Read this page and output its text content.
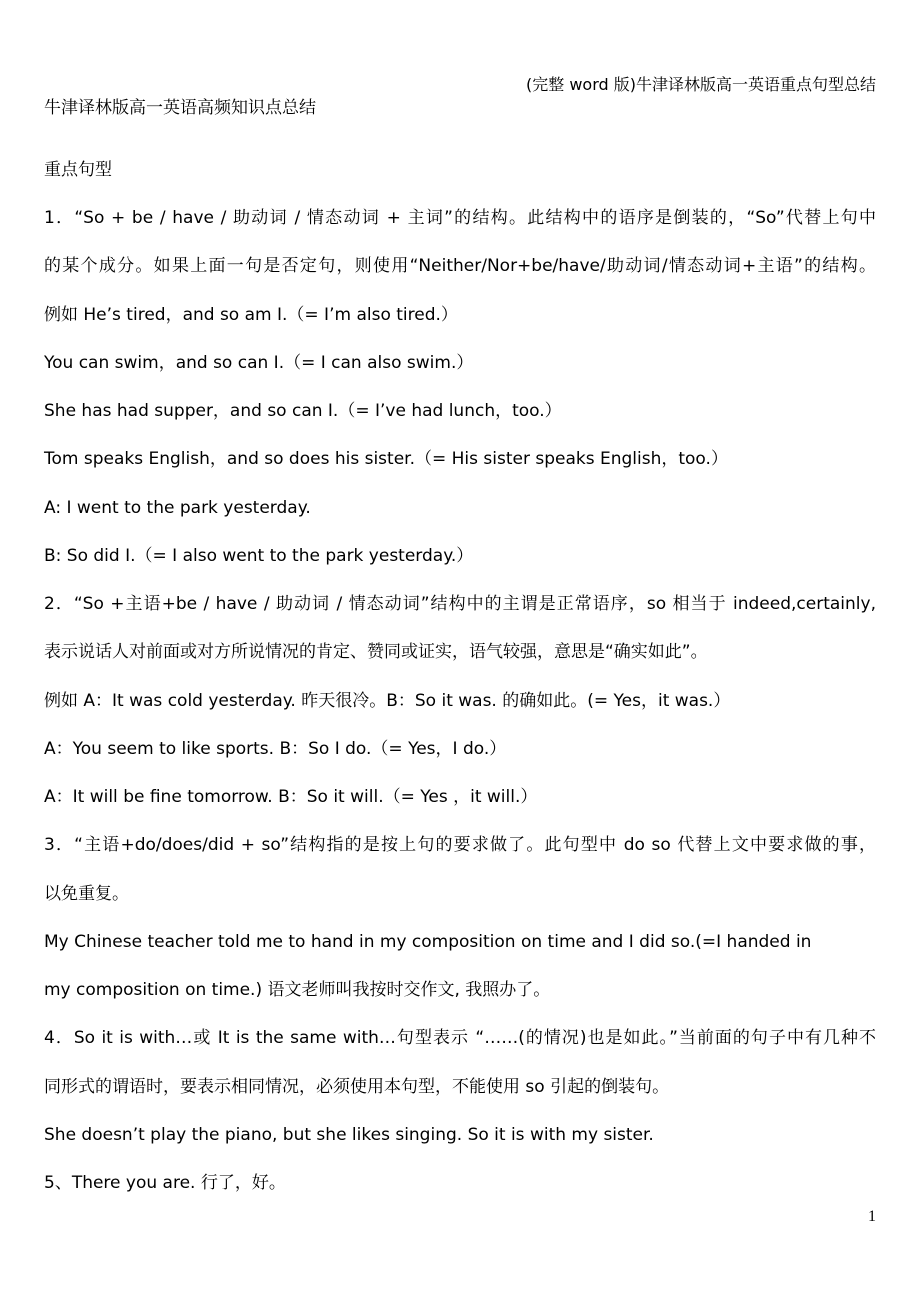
(完整 word 版)牛津译林版高一英语重点句型总结
牛津译林版高一英语高频知识点总结
重点句型
1．“So + be / have / 助动词 / 情态动词 + 主词”的结构。此结构中的语序是倒装的，“So”代替上句中
的某个成分。如果上面一句是否定句，则使用“Neither/Nor+be/have/助动词/情态动词+主语”的结构。
例如 He’s tired，and so am I.（= I’m also tired.）
You can swim，and so can I.（= I can also swim.）
She has had supper，and so can I.（= I’ve had lunch，too.）
Tom speaks English，and so does his sister.（= His sister speaks English，too.）
A: I went to the park yesterday.
B: So did I.（= I also went to the park yesterday.）
2．“So +主语+be / have / 助动词 / 情态动词”结构中的主谓是正常语序，so 相当于 indeed,certainly,
表示说话人对前面或对方所说情况的肯定、赞同或证实，语气较强，意思是“确实如此”。
例如 A：It was cold yesterday. 昨天很冷。B：So it was. 的确如此。(= Yes，it was.）
A：You seem to like sports. B：So I do.（= Yes，I do.）
A：It will be fine tomorrow. B：So it will.（= Yes ，it will.）
3．“主语+do/does/did + so”结构指的是按上句的要求做了。此句型中 do so 代替上文中要求做的事，
以免重复。
My Chinese teacher told me to hand in my composition on time and I did so.(=I handed in
my composition on time.) 语文老师叫我按时交作文, 我照办了。
4．So it is with…或 It is the same with…句型表示 “……(的情况)也是如此。”当前面的句子中有几种不
同形式的谓语时，要表示相同情况，必须使用本句型，不能使用 so 引起的倒装句。
She doesn’t play the piano, but she likes singing. So it is with my sister.
5、There you are. 行了，好。
1
